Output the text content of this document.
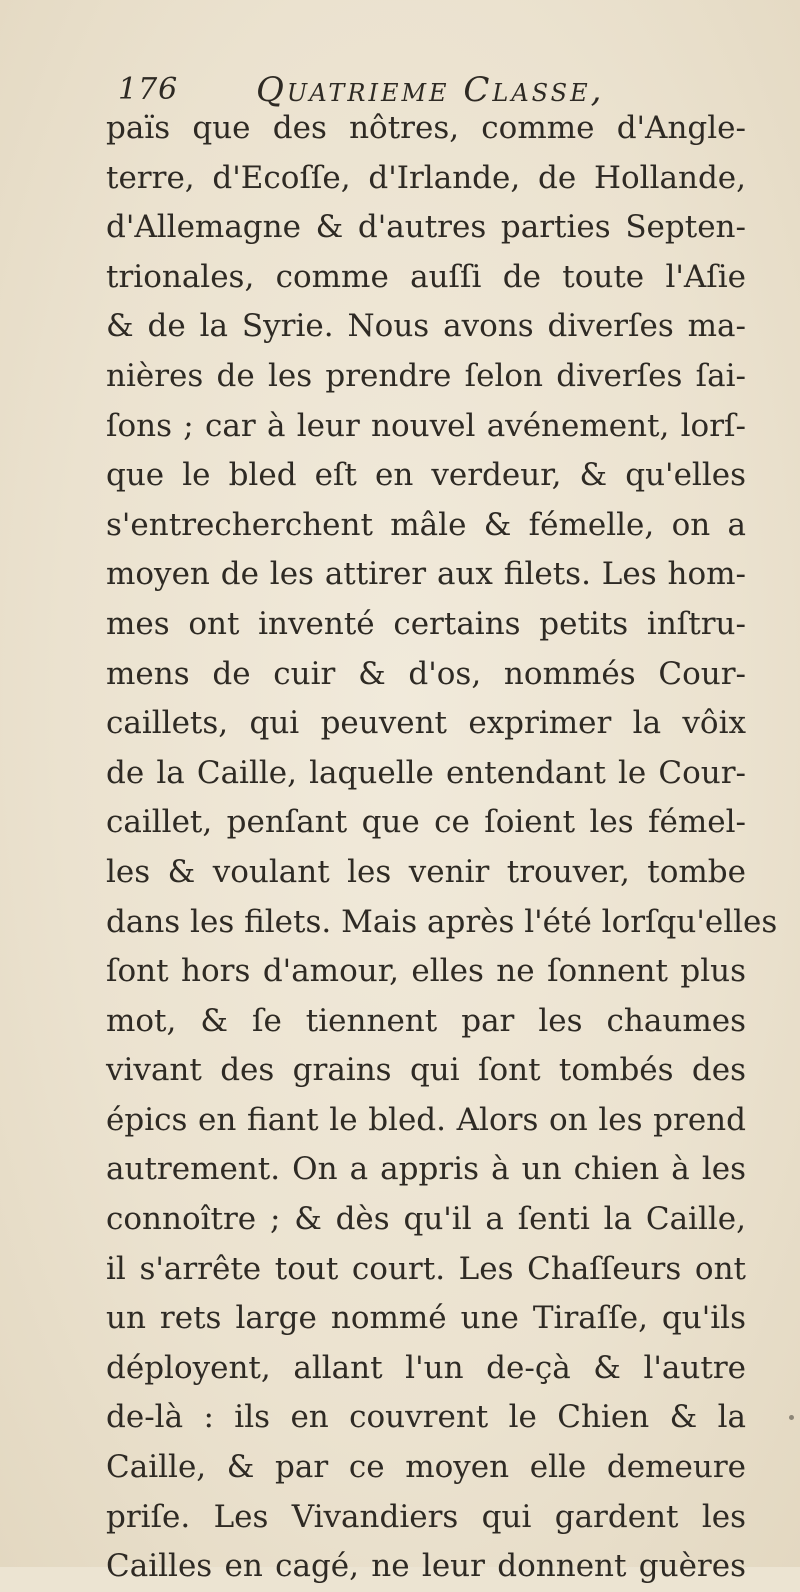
176 Quatrieme Classe,
païs que des nôtres, comme d'Angle-
terre, d'Ecoſſe, d'Irlande, de Hollande,
d'Allemagne & d'autres parties Septen-
trionales, comme auſſi de toute l'Aſie
& de la Syrie. Nous avons diverſes ma-
nières de les prendre ſelon diverſes ſai-
ſons ; car à leur nouvel avénement, lorſ-
que le bled eſt en verdeur, & qu'elles
s'entrecherchent mâle & fémelle, on a
moyen de les attirer aux filets. Les hom-
mes ont inventé certains petits inſtru-
mens de cuir & d'os, nommés Cour-
caillets, qui peuvent exprimer la vôix
de la Caille, laquelle entendant le Cour-
caillet, penſant que ce ſoient les fémel-
les & voulant les venir trouver, tombe
dans les filets. Mais après l'été lorſqu'elles
ſont hors d'amour, elles ne ſonnent plus
mot, & ſe tiennent par les chaumes
vivant des grains qui ſont tombés des
épics en fiant le bled. Alors on les prend
autrement. On a appris à un chien à les
connoître ; & dès qu'il a ſenti la Caille,
il s'arrête tout court. Les Chaſſeurs ont
un rets large nommé une Tiraſſe, qu'ils
déployent, allant l'un de-çà & l'autre
de-là : ils en couvrent le Chien & la
Caille, & par ce moyen elle demeure
priſe. Les Vivandiers qui gardent les
Cailles en cagé, ne leur donnent guères
